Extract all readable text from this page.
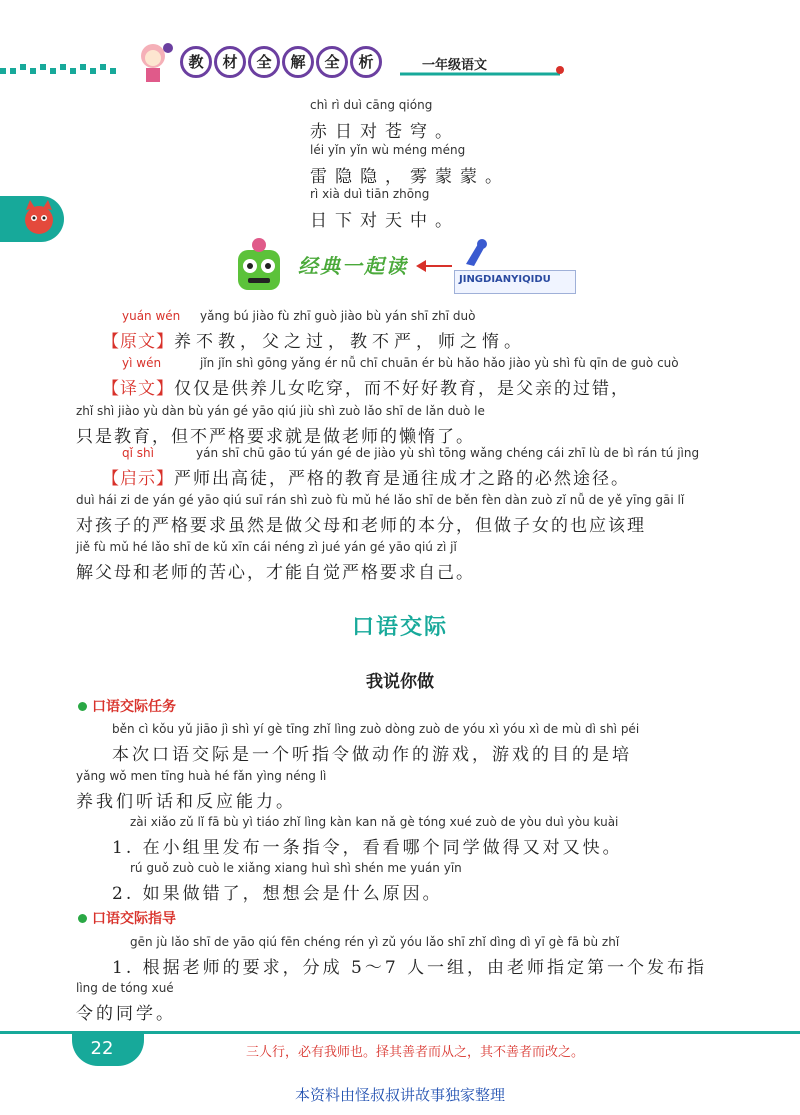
教 材 全 解 全 析	一年级语文
chì rì duì cāng qióng
赤日对苍穹。
léi yǐn yǐn wù méng méng
雷隐隐，雾蒙蒙。
rì xià duì tiān zhōng
日下对天中。
经典一起读
JINGDIANYIQIDU
yuán wén yǎng bú jiào fù zhī guò jiào bù yán shī zhī duò
【原文】养不教，父之过，教不严，师之惰。
yì wén	jǐn jǐn shì gōng yǎng ér nǚ chī chuān ér bù hǎo hǎo jiào yù shì fù qīn de guò cuò
【译文】仅仅是供养儿女吃穿，而不好好教育，是父亲的过错，
zhǐ shì jiào yù dàn bù yán gé yāo qiú jiù shì zuò lǎo shī de lǎn duò le
只是教育，但不严格要求就是做老师的懒惰了。
qǐ shì	yán shī chū gāo tú yán gé de jiào yù shì tōng wǎng chéng cái zhī lù de bì rán tú jìng
【启示】严师出高徒，严格的教育是通往成才之路的必然途径。
duì hái zi de yán gé yāo qiú suī rán shì zuò fù mǔ hé lǎo shī de běn fèn dàn zuò zǐ nǚ de yě yīng gāi lǐ
对孩子的严格要求虽然是做父母和老师的本分，但做子女的也应该理
jiě fù mǔ hé lǎo shī de kǔ xīn cái néng zì jué yán gé yāo qiú zì jǐ
解父母和老师的苦心，才能自觉严格要求自己。
口语交际
我说你做
口语交际任务
běn cì kǒu yǔ jiāo jì shì yí gè tīng zhǐ lìng zuò dòng zuò de yóu xì yóu xì de mù dì shì péi
本次口语交际是一个听指令做动作的游戏，游戏的目的是培
yǎng wǒ men tīng huà hé fǎn yìng néng lì
养我们听话和反应能力。
zài xiǎo zǔ lǐ fā bù yì tiáo zhǐ lìng kàn kan nǎ gè tóng xué zuò de yòu duì yòu kuài
1. 在小组里发布一条指令，看看哪个同学做得又对又快。
rú guǒ zuò cuò le xiǎng xiang huì shì shén me yuán yīn
2. 如果做错了，想想会是什么原因。
口语交际指导
gēn jù lǎo shī de yāo qiú fēn chéng rén yì zǔ yóu lǎo shī zhǐ dìng dì yī gè fā bù zhǐ
1. 根据老师的要求，分成 5～7 人一组，由老师指定第一个发布指
lìng de tóng xué
令的同学。
22	三人行，必有我师也。择其善者而从之，其不善者而改之。
本资料由怪叔叔讲故事独家整理
